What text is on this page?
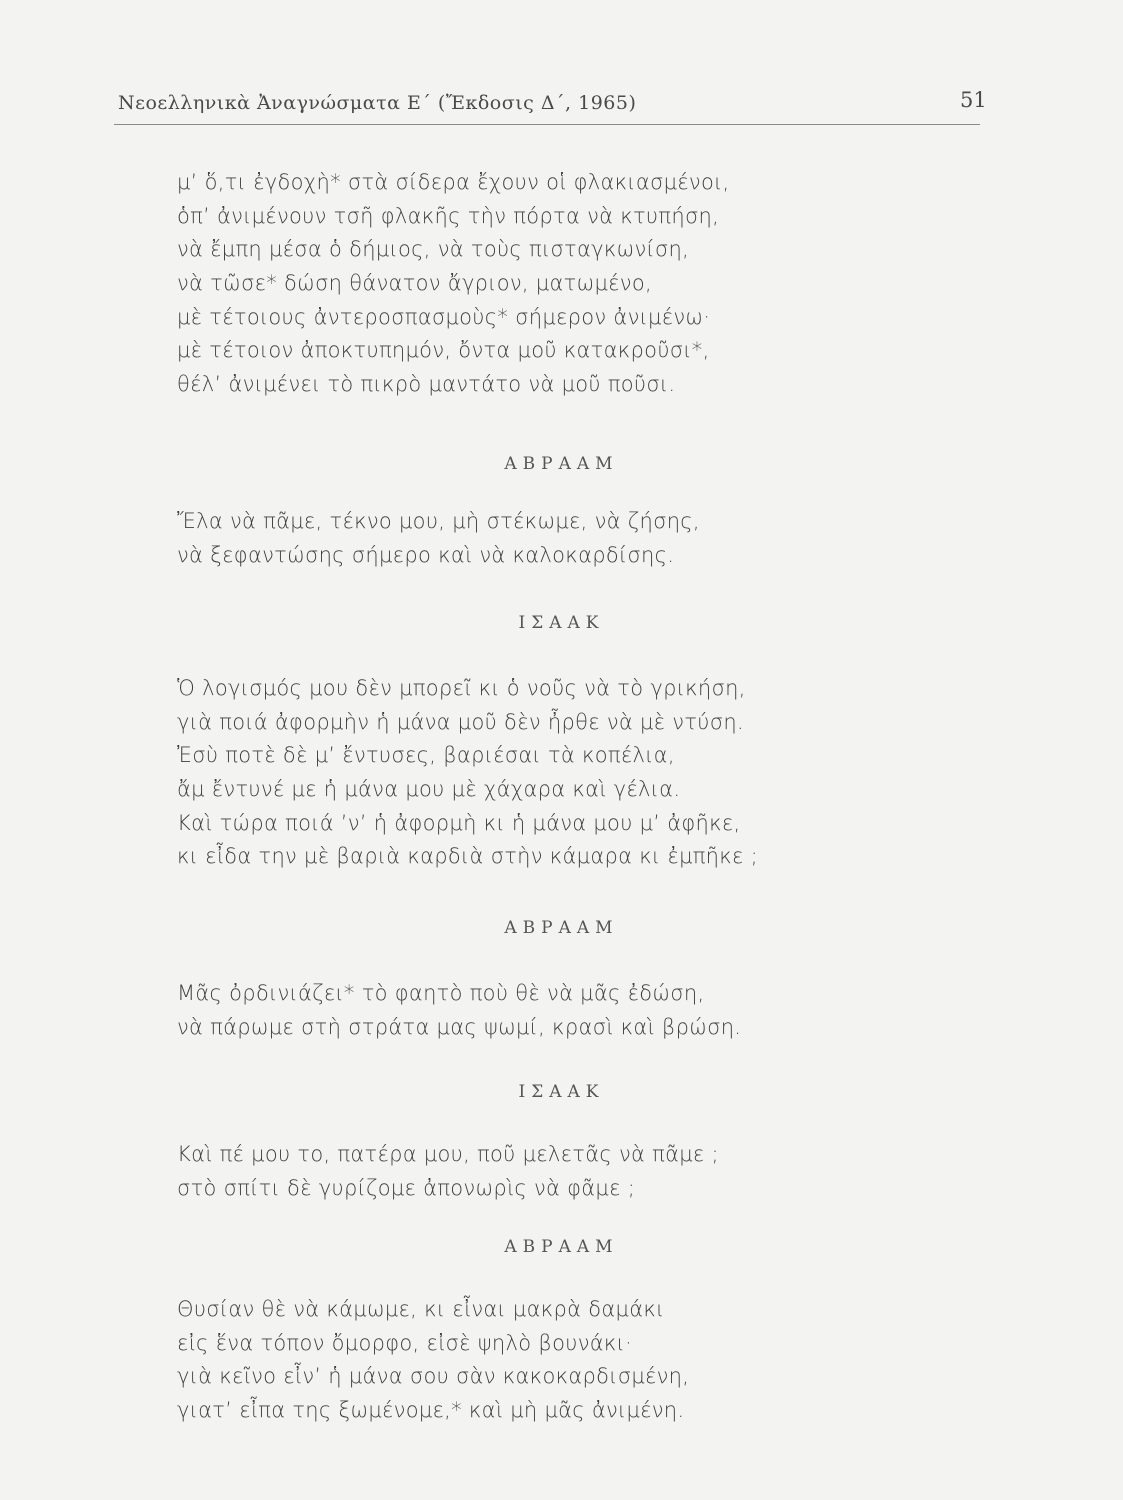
Νεοελληνικὰ Ἀναγνώσματα Ε΄ (Ἔκδοσις Δ΄, 1965)	51
μ’ ὅ,τι ἐγδοχὴ* στὰ σίδερα ἔχουν οἱ φλακιασμένοι,
ὁπ’ ἀνιμένουν τσῆ φλακῆς τὴν πόρτα νὰ κτυπήση,
νὰ ἔμπη μέσα ὁ δήμιος, νὰ τοὺς πισταγκωνίση,
νὰ τῶσε* δώση θάνατον ἄγριον, ματωμένο,
μὲ τέτοιους ἀντεροσπασμοὺς* σήμερον ἀνιμένω·
μὲ τέτοιον ἀποκτυπημόν, ὄντα μοῦ κατακροῦσι*,
θέλ’ ἀνιμένει τὸ πικρὸ μαντάτο νὰ μοῦ ποῦσι.
ΑΒΡΑΑΜ
Ἔλα νὰ πᾶμε, τέκνο μου, μὴ στέκωμε, νὰ ζήσης,
νὰ ξεφαντώσης σήμερο καὶ νὰ καλοκαρδίσης.
ΙΣΑΑΚ
Ὁ λογισμός μου δὲν μπορεῖ κι ὁ νοῦς νὰ τὸ γρικήση,
γιὰ ποιά ἀφορμὴν ἡ μάνα μοῦ δὲν ἦρθε νὰ μὲ ντύση.
Ἐσὺ ποτὲ δὲ μ’ ἔντυσες, βαριέσαι τὰ κοπέλια,
ἄμ ἔντυνέ με ἡ μάνα μου μὲ χάχαρα καὶ γέλια.
Καὶ τώρα ποιά ’ν’ ἡ ἀφορμὴ κι ἡ μάνα μου μ’ ἀφῆκε,
κι εἶδα την μὲ βαριὰ καρδιὰ στὴν κάμαρα κι ἐμπῆκε ;
ΑΒΡΑΑΜ
Μᾶς ὀρδινιάζει* τὸ φαητὸ ποὺ θὲ νὰ μᾶς ἐδώση,
νὰ πάρωμε στὴ στράτα μας ψωμί, κρασὶ καὶ βρώση.
ΙΣΑΑΚ
Καὶ πέ μου το, πατέρα μου, ποῦ μελετᾶς νὰ πᾶμε ;
στὸ σπίτι δὲ γυρίζομε ἀπονωρὶς νὰ φᾶμε ;
ΑΒΡΑΑΜ
Θυσίαν θὲ νὰ κάμωμε, κι εἶναι μακρὰ δαμάκι
εἰς ἕνα τόπον ὄμορφο, εἰσὲ ψηλὸ βουνάκι·
γιὰ κεῖνο εἶν’ ἡ μάνα σου σὰν κακοκαρδισμένη,
γιατ’ εἶπα της ξωμένομε,* καὶ μὴ μᾶς ἀνιμένη.
